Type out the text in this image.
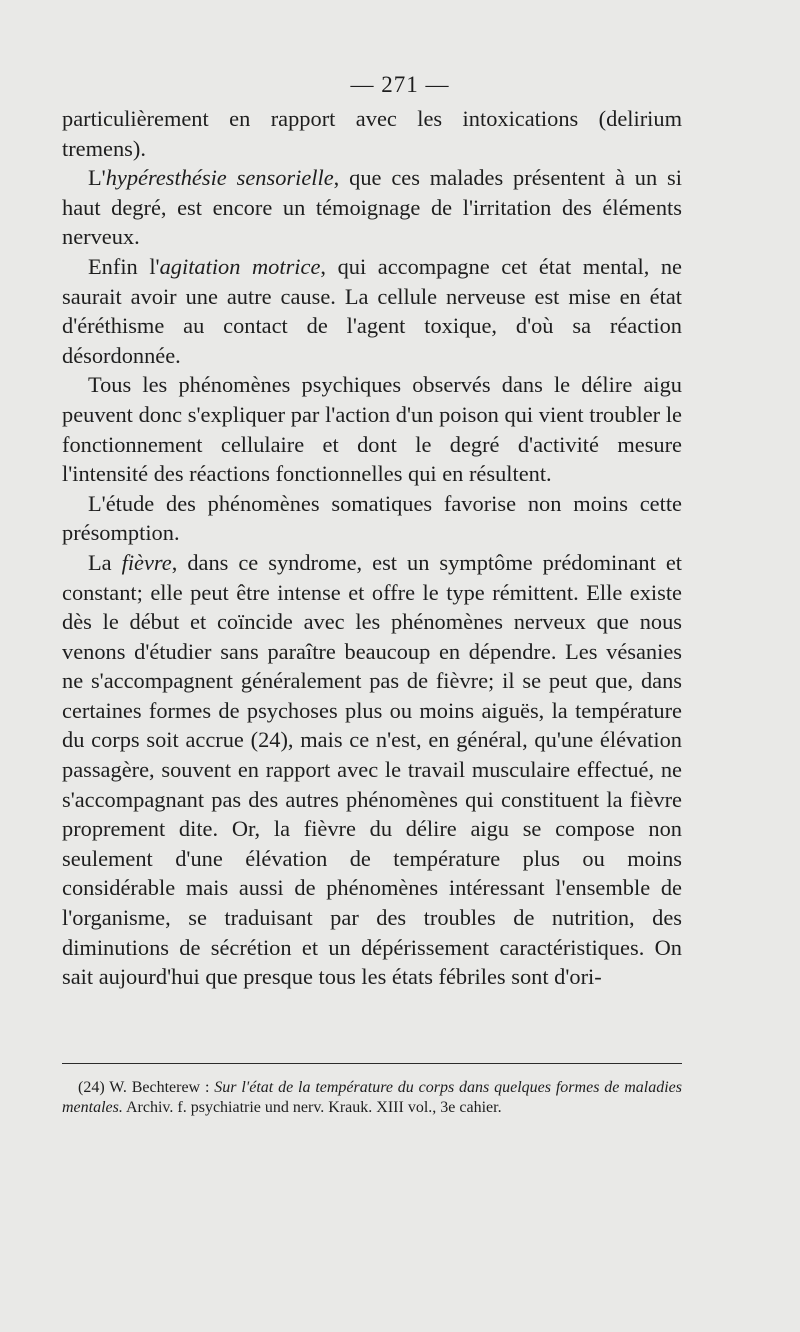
— 271 —

particulièrement en rapport avec les intoxications (delirium tremens).

L'hypéresthésie sensorielle, que ces malades présentent à un si haut degré, est encore un témoignage de l'irritation des éléments nerveux.

Enfin l'agitation motrice, qui accompagne cet état mental, ne saurait avoir une autre cause. La cellule nerveuse est mise en état d'éréthisme au contact de l'agent toxique, d'où sa réaction désordonnée.

Tous les phénomènes psychiques observés dans le délire aigu peuvent donc s'expliquer par l'action d'un poison qui vient troubler le fonctionnement cellulaire et dont le degré d'activité mesure l'intensité des réactions fonctionnelles qui en résultent.

L'étude des phénomènes somatiques favorise non moins cette présomption.

La fièvre, dans ce syndrome, est un symptôme prédominant et constant; elle peut être intense et offre le type rémittent. Elle existe dès le début et coïncide avec les phénomènes nerveux que nous venons d'étudier sans paraître beaucoup en dépendre. Les vésanies ne s'accompagnent généralement pas de fièvre; il se peut que, dans certaines formes de psychoses plus ou moins aiguës, la température du corps soit accrue (24), mais ce n'est, en général, qu'une élévation passagère, souvent en rapport avec le travail musculaire effectué, ne s'accompagnant pas des autres phénomènes qui constituent la fièvre proprement dite. Or, la fièvre du délire aigu se compose non seulement d'une élévation de température plus ou moins considérable mais aussi de phénomènes intéressant l'ensemble de l'organisme, se traduisant par des troubles de nutrition, des diminutions de sécrétion et un dépérissement caractéristiques. On sait aujourd'hui que presque tous les états fébriles sont d'ori-

(24) W. Bechterew : Sur l'état de la température du corps dans quelques formes de maladies mentales. Archiv. f. psychiatrie und nerv. Krauk. XIII vol., 3e cahier.
